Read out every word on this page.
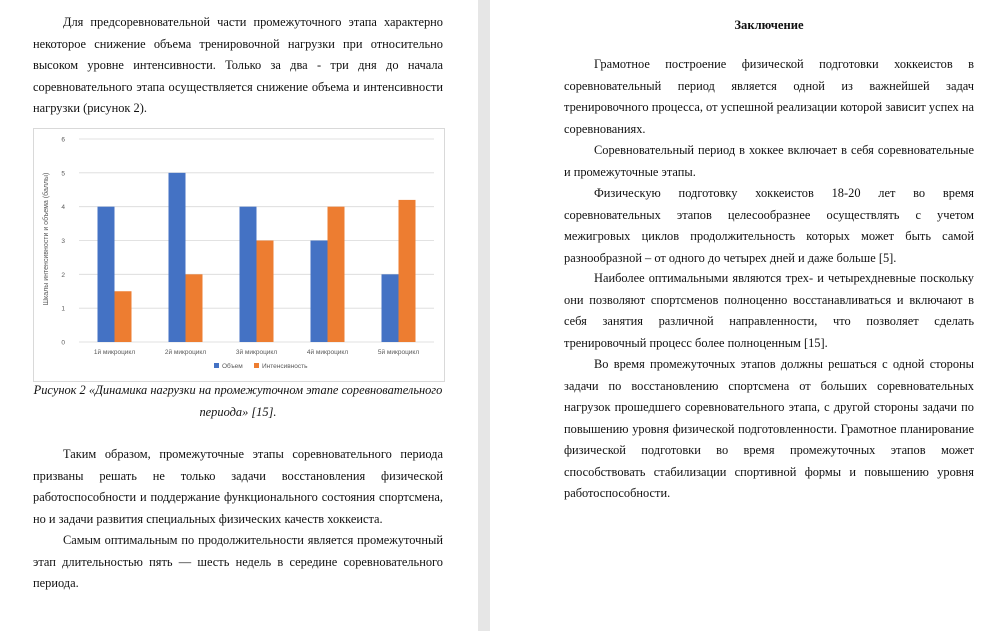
Для предсоревновательной части промежуточного этапа характерно некоторое снижение объема тренировочной нагрузки при относительно высоком уровне интенсивности. Только за два - три дня до начала соревновательного этапа осуществляется снижение объема и интенсивности нагрузки (рисунок 2).

0
1
2
3
4
5
6
1й микроцикл	2й микроцикл	3й микроцикл	4й микроцикл	5й микроцикл
Шкалы интенсивности и объема (баллы)
Объем	Интенсивность

Рисунок 2 «Динамика нагрузки на промежуточном этапе соревновательного периода» [15].

Таким образом, промежуточные этапы соревновательного периода призваны решать не только задачи восстановления физической работоспособности и поддержание функционального состояния спортсмена, но и задачи развития специальных физических качеств хоккеиста.

Самым оптимальным по продолжительности является промежуточный этап длительностью пять — шесть недель в середине соревновательного периода.

Заключение

Грамотное построение физической подготовки хоккеистов в соревновательный период является одной из важнейшей задач тренировочного процесса, от успешной реализации которой зависит успех на соревнованиях.

Соревновательный период в хоккее включает в себя соревновательные и промежуточные этапы.

Физическую подготовку хоккеистов 18-20 лет во время соревновательных этапов целесообразнее осуществлять с учетом межигровых циклов продолжительность которых может быть самой разнообразной – от одного до четырех дней и даже больше [5].

Наиболее оптимальными являются трех- и четырехдневные поскольку они позволяют спортсменов полноценно восстанавливаться и включают в себя занятия различной направленности, что позволяет сделать тренировочный процесс более полноценным [15].

Во время промежуточных этапов должны решаться с одной стороны задачи по восстановлению спортсмена от больших соревновательных нагрузок прошедшего соревновательного этапа, с другой стороны задачи по повышению уровня физической подготовленности. Грамотное планирование физической подготовки во время промежуточных этапов может способствовать стабилизации спортивной формы и повышению уровня работоспособности.
